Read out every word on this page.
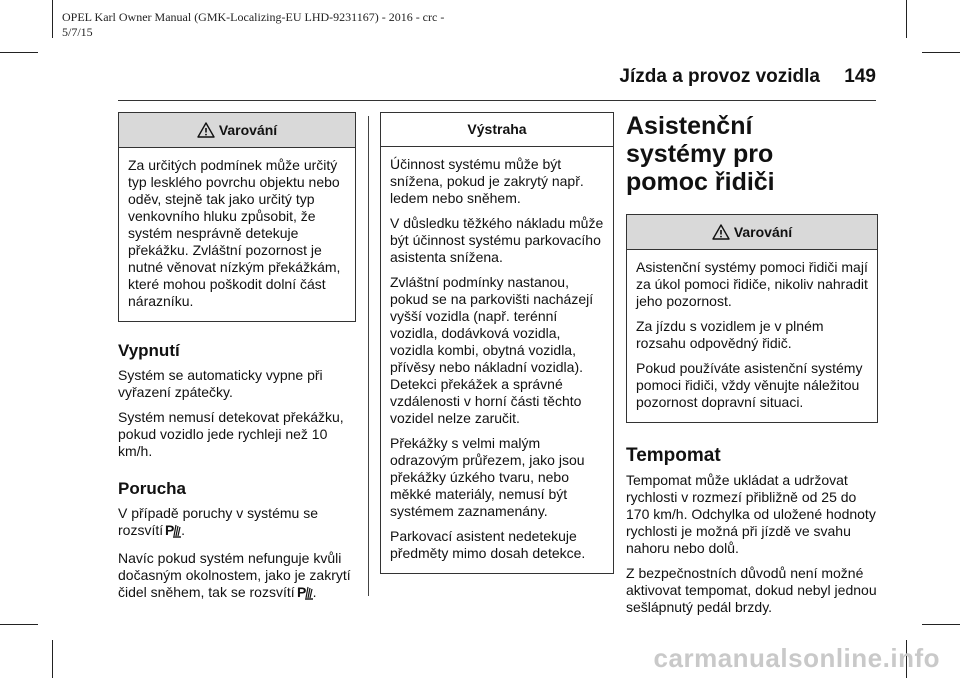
OPEL Karl Owner Manual (GMK-Localizing-EU LHD-9231167) - 2016 - crc -
5/7/15
Jízda a provoz vozidla 149
Varování

Za určitých podmínek může určitý typ lesklého povrchu objektu nebo oděv, stejně tak jako určitý typ venkovního hluku způsobit, že systém nesprávně detekuje překážku. Zvláštní pozornost je nutné věnovat nízkým překážkám, které mohou poškodit dolní část nárazníku.

Vypnutí

Systém se automaticky vypne při vyřazení zpátečky.

Systém nemusí detekovat překážku, pokud vozidlo jede rychleji než 10 km/h.

Porucha

V případě poruchy v systému se rozsvítí P .

Navíc pokud systém nefunguje kvůli dočasným okolnostem, jako je zakrytí čidel sněhem, tak se rozsvítí P .

Výstraha

Účinnost systému může být snížena, pokud je zakrytý např. ledem nebo sněhem.

V důsledku těžkého nákladu může být účinnost systému parkovacího asistenta snížena.

Zvláštní podmínky nastanou, pokud se na parkovišti nacházejí vyšší vozidla (např. terénní vozidla, dodávková vozidla, vozidla kombi, obytná vozidla, přívěsy nebo nákladní vozidla). Detekci překážek a správné vzdálenosti v horní části těchto vozidel nelze zaručit.

Překážky s velmi malým odrazovým průřezem, jako jsou překážky úzkého tvaru, nebo měkké materiály, nemusí být systémem zaznamenány.

Parkovací asistent nedetekuje předměty mimo dosah detekce.

Asistenční systémy pro pomoc řidiči
Varování

Asistenční systémy pomoci řidiči mají za úkol pomoci řidiče, nikoliv nahradit jeho pozornost.

Za jízdu s vozidlem je v plném rozsahu odpovědný řidič.

Pokud používáte asistenční systémy pomoci řidiči, vždy věnujte náležitou pozornost dopravní situaci.

Tempomat

Tempomat může ukládat a udržovat rychlosti v rozmezí přibližně od 25 do 170 km/h. Odchylka od uložené hodnoty rychlosti je možná při jízdě ve svahu nahoru nebo dolů.

Z bezpečnostních důvodů není možné aktivovat tempomat, dokud nebyl jednou sešlápnutý pedál brzdy.

carmanualsonline.info
